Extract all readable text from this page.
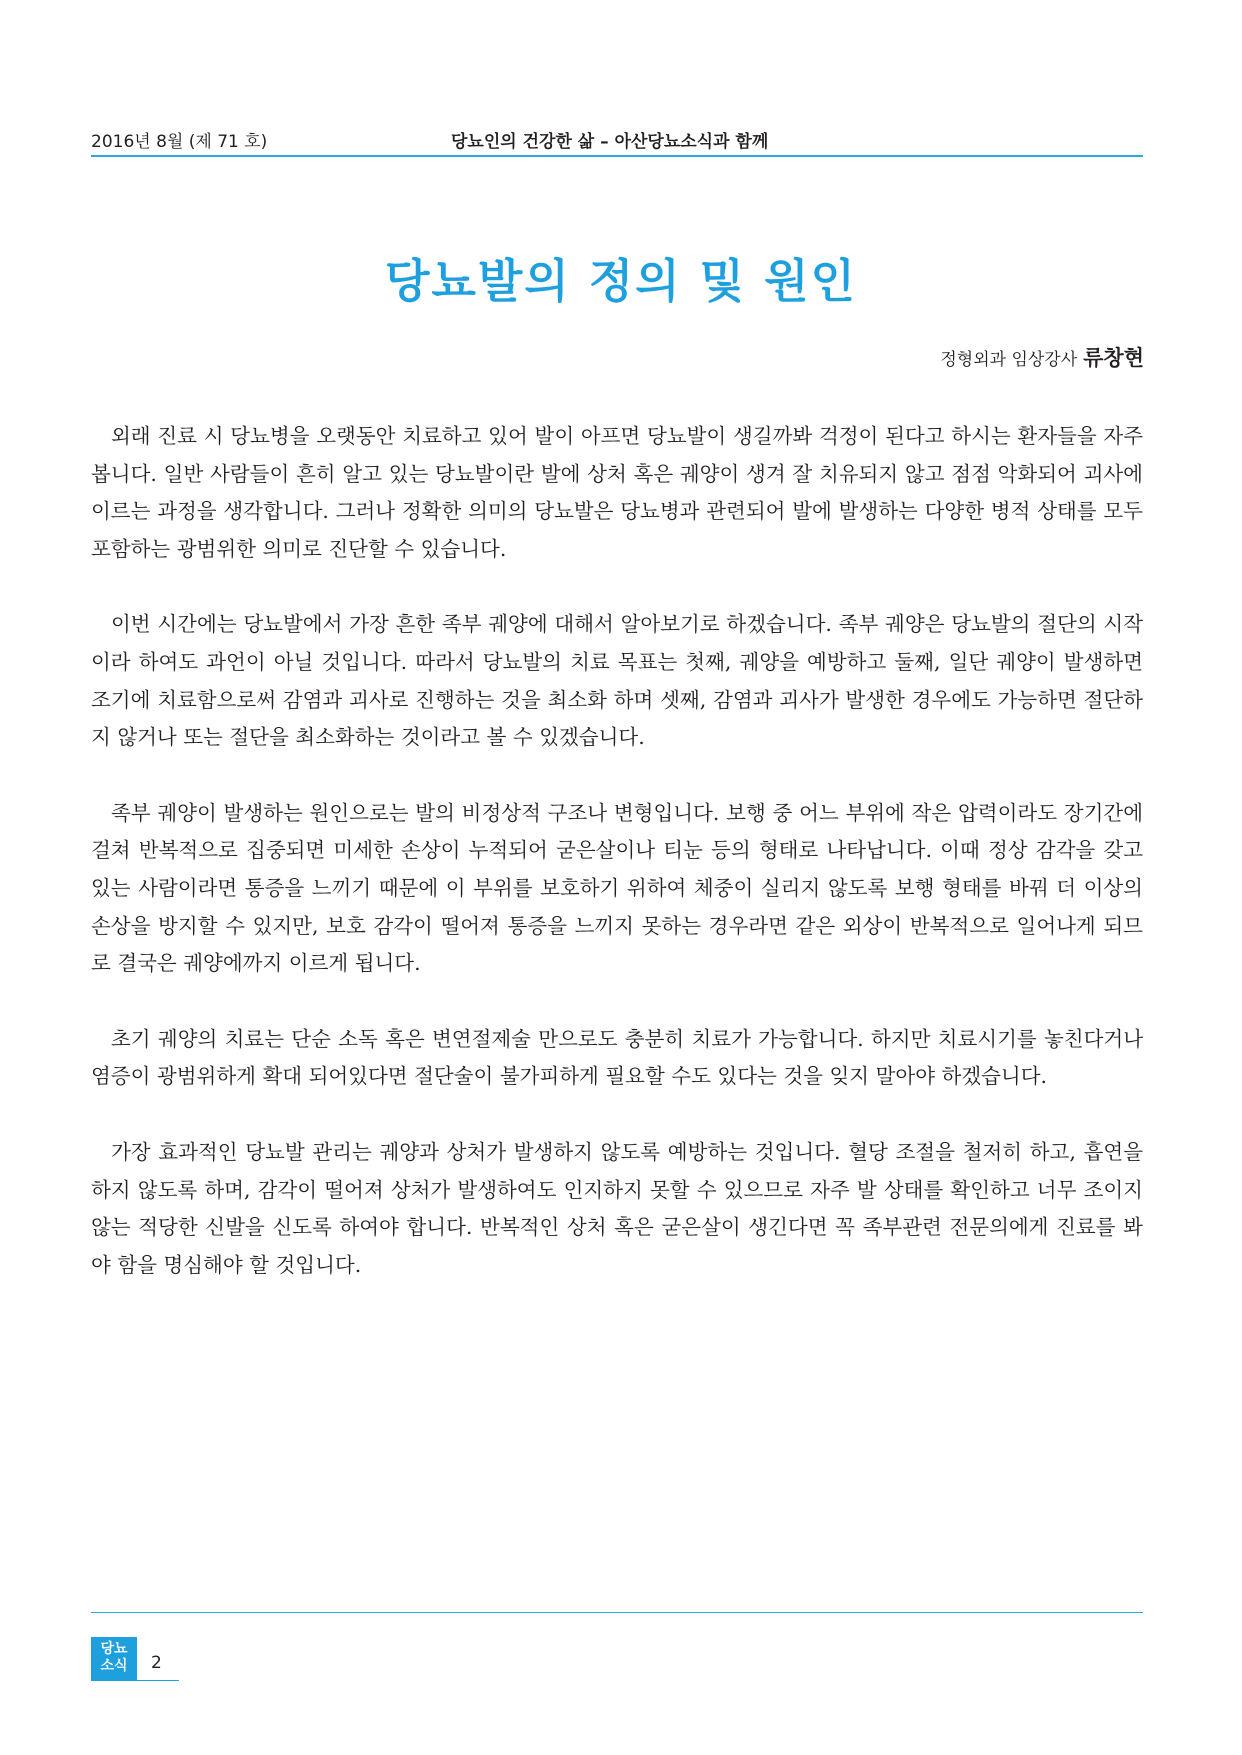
2016년 8월 (제 71 호)	당뇨인의 건강한 삶 – 아산당뇨소식과 함께
당뇨발의 정의 및 원인
정형외과 임상강사 류창현

외래 진료 시 당뇨병을 오랫동안 치료하고 있어 발이 아프면 당뇨발이 생길까봐 걱정이 된다고 하시는 환자들을 자주 봅니다. 일반 사람들이 흔히 알고 있는 당뇨발이란 발에 상처 혹은 궤양이 생겨 잘 치유되지 않고 점점 악화되어 괴사에 이르는 과정을 생각합니다. 그러나 정확한 의미의 당뇨발은 당뇨병과 관련되어 발에 발생하는 다양한 병적 상태를 모두 포함하는 광범위한 의미로 진단할 수 있습니다.

이번 시간에는 당뇨발에서 가장 흔한 족부 궤양에 대해서 알아보기로 하겠습니다. 족부 궤양은 당뇨발의 절단의 시작이라 하여도 과언이 아닐 것입니다. 따라서 당뇨발의 치료 목표는 첫째, 궤양을 예방하고 둘째, 일단 궤양이 발생하면 조기에 치료함으로써 감염과 괴사로 진행하는 것을 최소화 하며 셋째, 감염과 괴사가 발생한 경우에도 가능하면 절단하지 않거나 또는 절단을 최소화하는 것이라고 볼 수 있겠습니다.

족부 궤양이 발생하는 원인으로는 발의 비정상적 구조나 변형입니다. 보행 중 어느 부위에 작은 압력이라도 장기간에 걸쳐 반복적으로 집중되면 미세한 손상이 누적되어 굳은살이나 티눈 등의 형태로 나타납니다. 이때 정상 감각을 갖고 있는 사람이라면 통증을 느끼기 때문에 이 부위를 보호하기 위하여 체중이 실리지 않도록 보행 형태를 바꿔 더 이상의 손상을 방지할 수 있지만, 보호 감각이 떨어져 통증을 느끼지 못하는 경우라면 같은 외상이 반복적으로 일어나게 되므로 결국은 궤양에까지 이르게 됩니다.

초기 궤양의 치료는 단순 소독 혹은 변연절제술 만으로도 충분히 치료가 가능합니다. 하지만 치료시기를 놓친다거나 염증이 광범위하게 확대 되어있다면 절단술이 불가피하게 필요할 수도 있다는 것을 잊지 말아야 하겠습니다.

가장 효과적인 당뇨발 관리는 궤양과 상처가 발생하지 않도록 예방하는 것입니다. 혈당 조절을 철저히 하고, 흡연을 하지 않도록 하며, 감각이 떨어져 상처가 발생하여도 인지하지 못할 수 있으므로 자주 발 상태를 확인하고 너무 조이지 않는 적당한 신발을 신도록 하여야 합니다. 반복적인 상처 혹은 굳은살이 생긴다면 꼭 족부관련 전문의에게 진료를 봐야 함을 명심해야 할 것입니다.

당뇨
소식	2
